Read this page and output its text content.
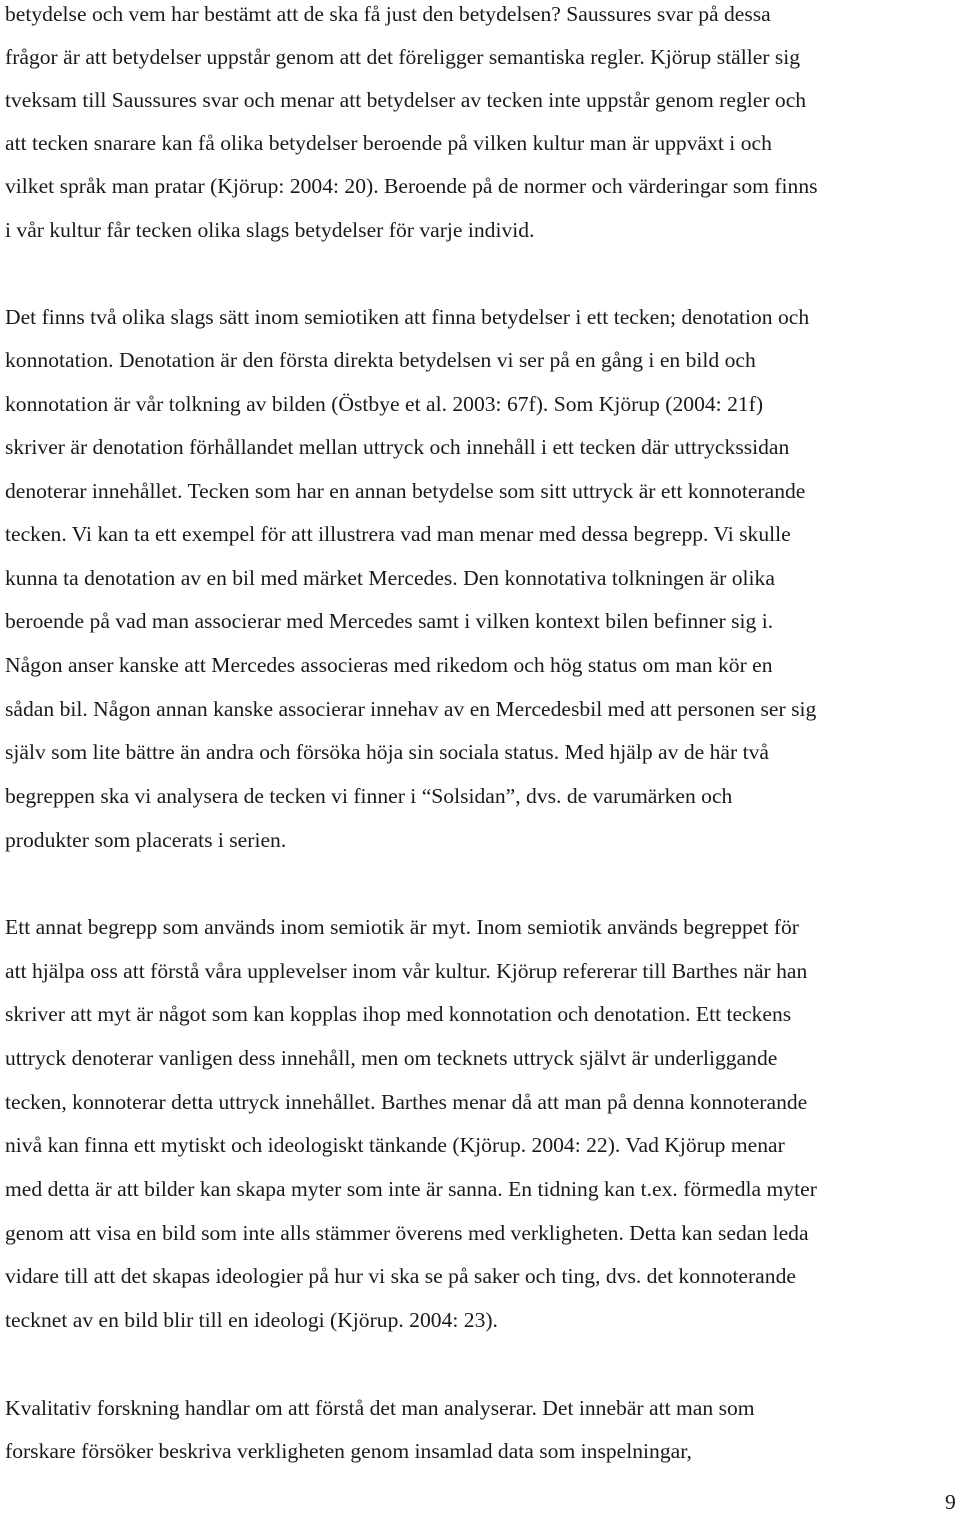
betydelse och vem har bestämt att de ska få just den betydelsen? Saussures svar på dessa
frågor är att betydelser uppstår genom att det föreligger semantiska regler. Kjörup ställer sig
tveksam till Saussures svar och menar att betydelser av tecken inte uppstår genom regler och
att tecken snarare kan få olika betydelser beroende på vilken kultur man är uppväxt i och
vilket språk man pratar (Kjörup: 2004: 20). Beroende på de normer och värderingar som finns
i vår kultur får tecken olika slags betydelser för varje individ.
Det finns två olika slags sätt inom semiotiken att finna betydelser i ett tecken; denotation och
konnotation. Denotation är den första direkta betydelsen vi ser på en gång i en bild och
konnotation är vår tolkning av bilden (Östbye et al. 2003: 67f). Som Kjörup (2004: 21f)
skriver är denotation förhållandet mellan uttryck och innehåll i ett tecken där uttryckssidan
denoterar innehållet. Tecken som har en annan betydelse som sitt uttryck är ett konnoterande
tecken. Vi kan ta ett exempel för att illustrera vad man menar med dessa begrepp. Vi skulle
kunna ta denotation av en bil med märket Mercedes. Den konnotativa tolkningen är olika
beroende på vad man associerar med Mercedes samt i vilken kontext bilen befinner sig i.
Någon anser kanske att Mercedes associeras med rikedom och hög status om man kör en
sådan bil. Någon annan kanske associerar innehav av en Mercedesbil med att personen ser sig
själv som lite bättre än andra och försöka höja sin sociala status. Med hjälp av de här två
begreppen ska vi analysera de tecken vi finner i “Solsidan”, dvs. de varumärken och
produkter som placerats i serien.
Ett annat begrepp som används inom semiotik är myt. Inom semiotik används begreppet för
att hjälpa oss att förstå våra upplevelser inom vår kultur. Kjörup refererar till Barthes när han
skriver att myt är något som kan kopplas ihop med konnotation och denotation. Ett teckens
uttryck denoterar vanligen dess innehåll, men om tecknets uttryck självt är underliggande
tecken, konnoterar detta uttryck innehållet. Barthes menar då att man på denna konnoterande
nivå kan finna ett mytiskt och ideologiskt tänkande (Kjörup. 2004: 22). Vad Kjörup menar
med detta är att bilder kan skapa myter som inte är sanna. En tidning kan t.ex. förmedla myter
genom att visa en bild som inte alls stämmer överens med verkligheten. Detta kan sedan leda
vidare till att det skapas ideologier på hur vi ska se på saker och ting, dvs. det konnoterande
tecknet av en bild blir till en ideologi (Kjörup. 2004: 23).
Kvalitativ forskning handlar om att förstå det man analyserar. Det innebär att man som
forskare försöker beskriva verkligheten genom insamlad data som inspelningar,
9
